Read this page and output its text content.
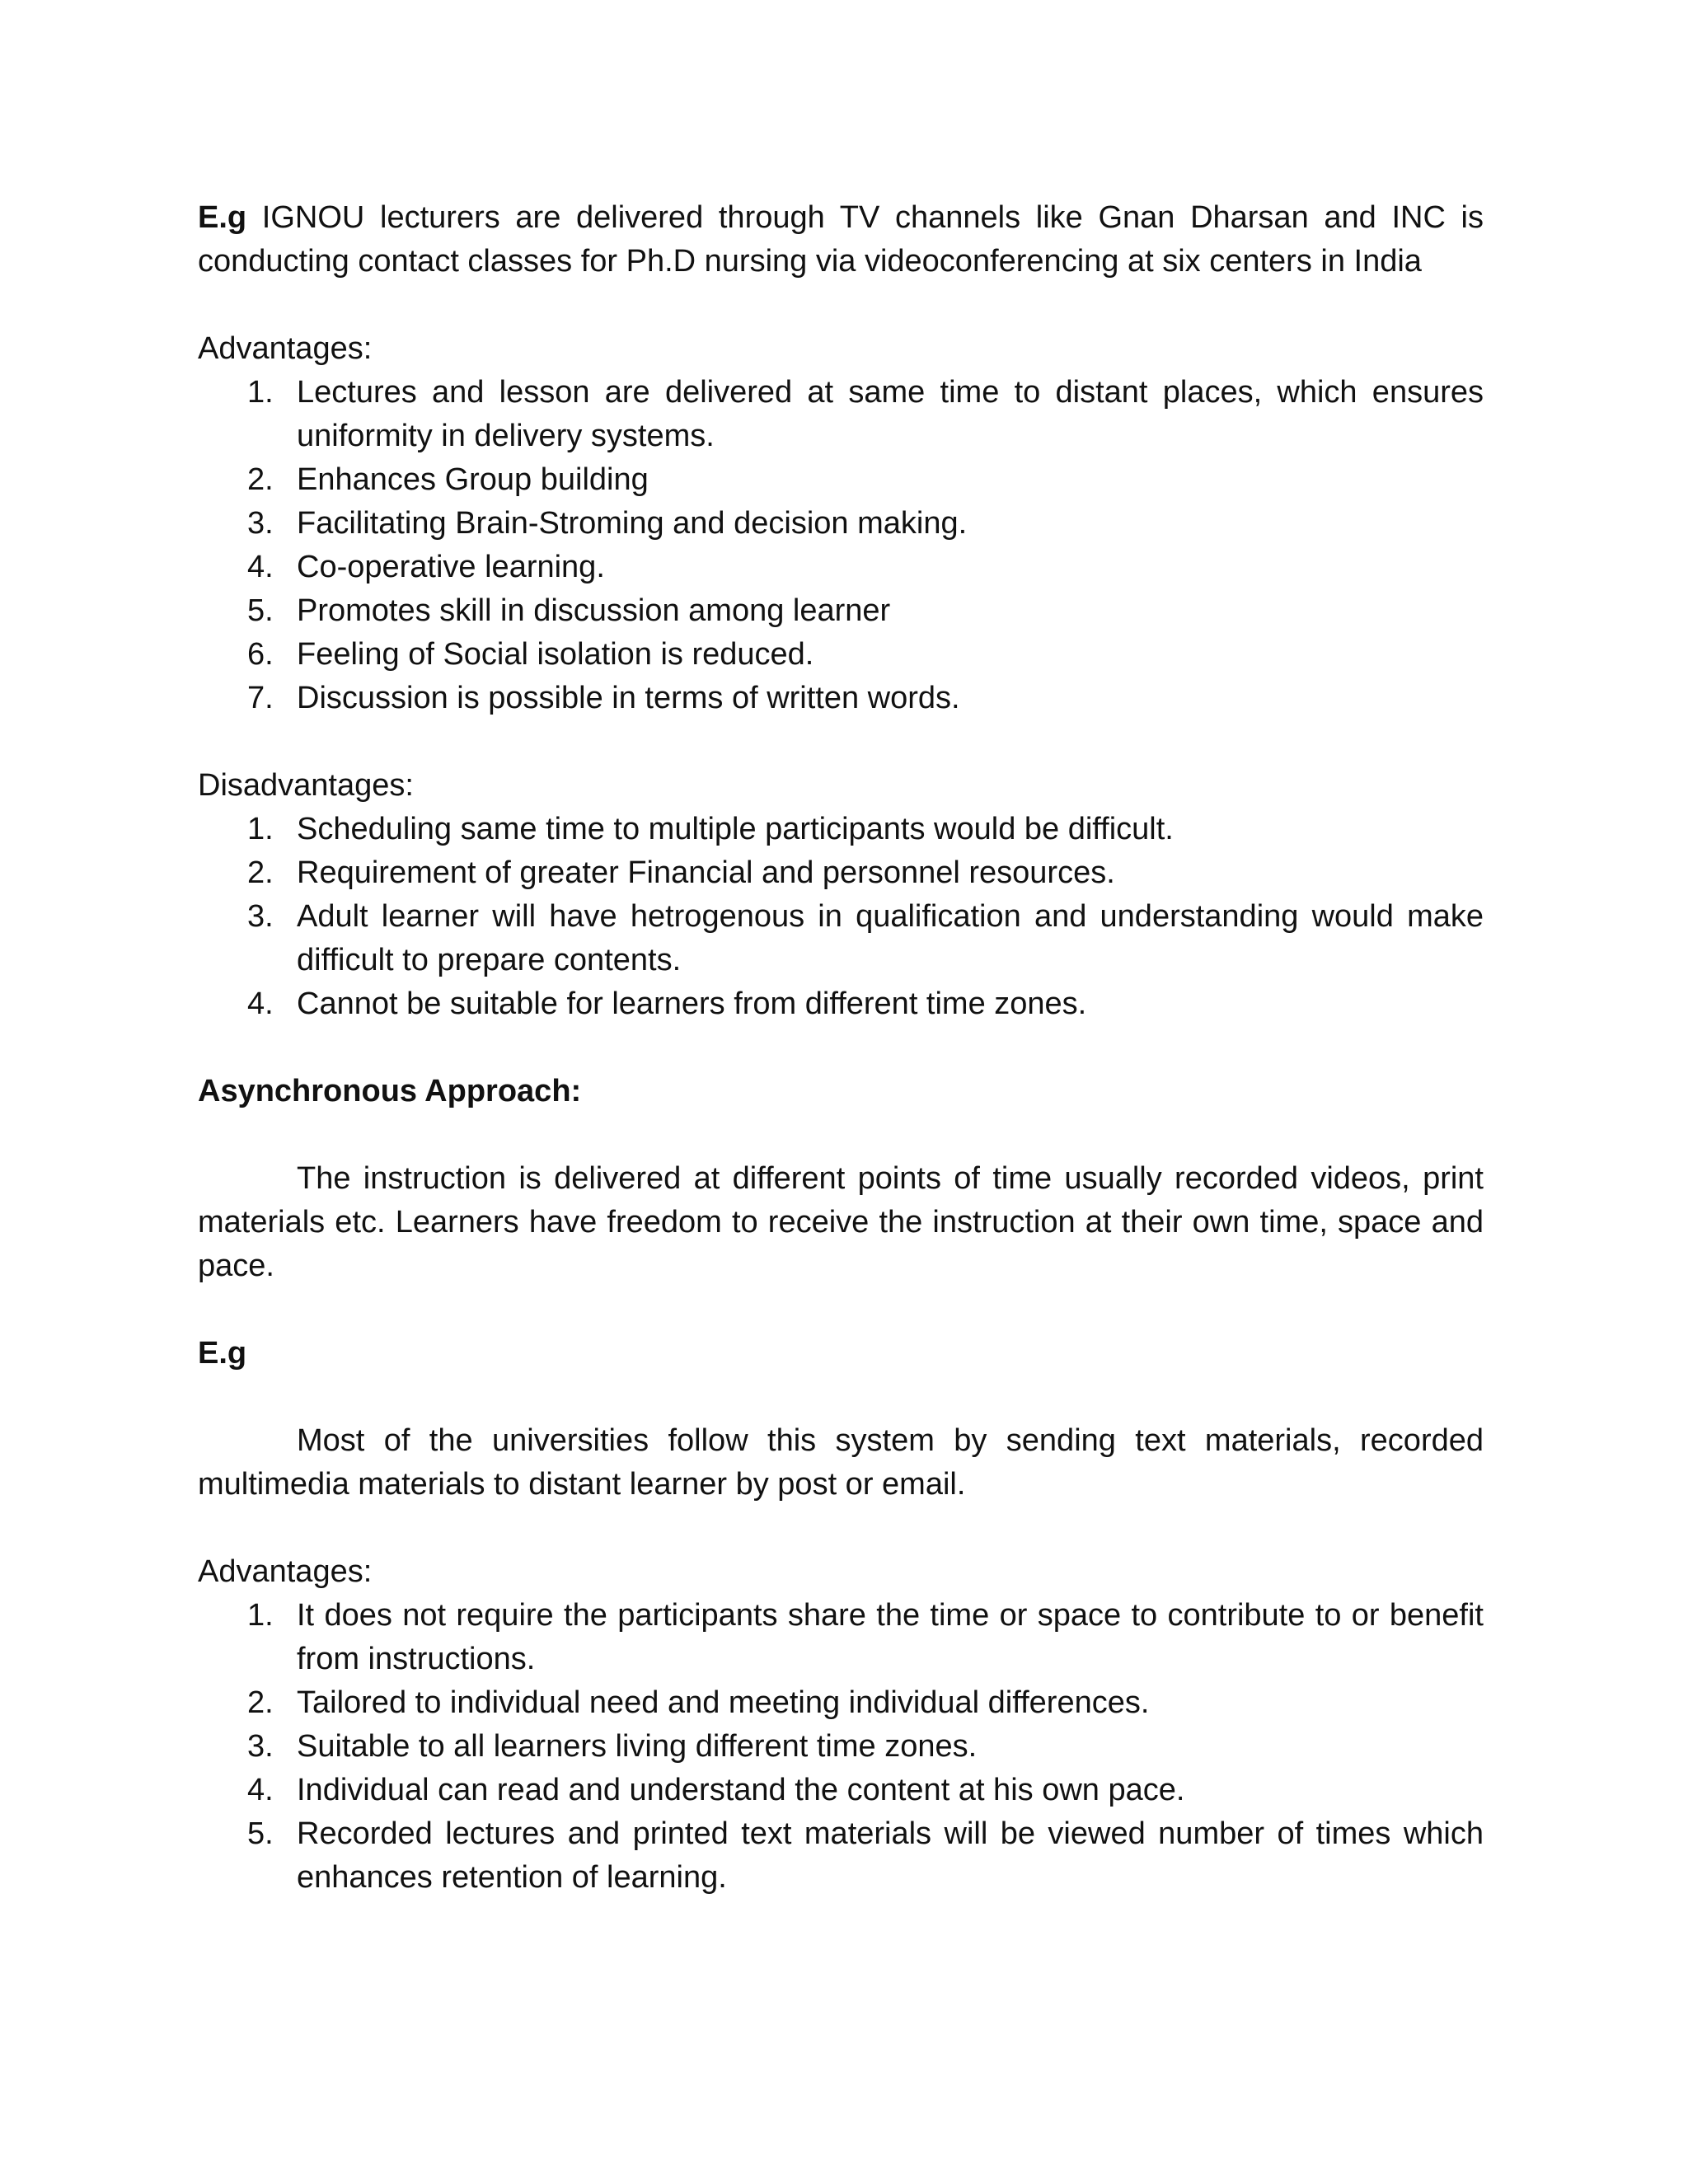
E.g IGNOU lecturers are delivered through TV channels like Gnan Dharsan and INC is conducting contact classes for Ph.D nursing via videoconferencing at six centers in India

Advantages:

1. Lectures and lesson are delivered at same time to distant places, which ensures uniformity in delivery systems.
2. Enhances Group building
3. Facilitating Brain-Stroming and decision making.
4. Co-operative learning.
5. Promotes skill in discussion among learner
6. Feeling of Social isolation is reduced.
7. Discussion is possible in terms of written words.

Disadvantages:

1. Scheduling same time to multiple participants would be difficult.
2. Requirement of greater Financial and personnel resources.
3. Adult learner will have hetrogenous in qualification and understanding would make difficult to prepare contents.
4. Cannot be suitable for learners from different time zones.

Asynchronous Approach:

The instruction is delivered at different points of time usually recorded videos, print materials etc. Learners have freedom to receive the instruction at their own time, space and pace.

E.g

Most of the universities follow this system by sending text materials, recorded multimedia materials to distant learner by post or email.

Advantages:

1. It does not require the participants share the time or space to contribute to or benefit from instructions.
2. Tailored to individual need and meeting individual differences.
3. Suitable to all learners living different time zones.
4. Individual can read and understand the content at his own pace.
5. Recorded lectures and printed text materials will be viewed number of times which enhances retention of learning.
